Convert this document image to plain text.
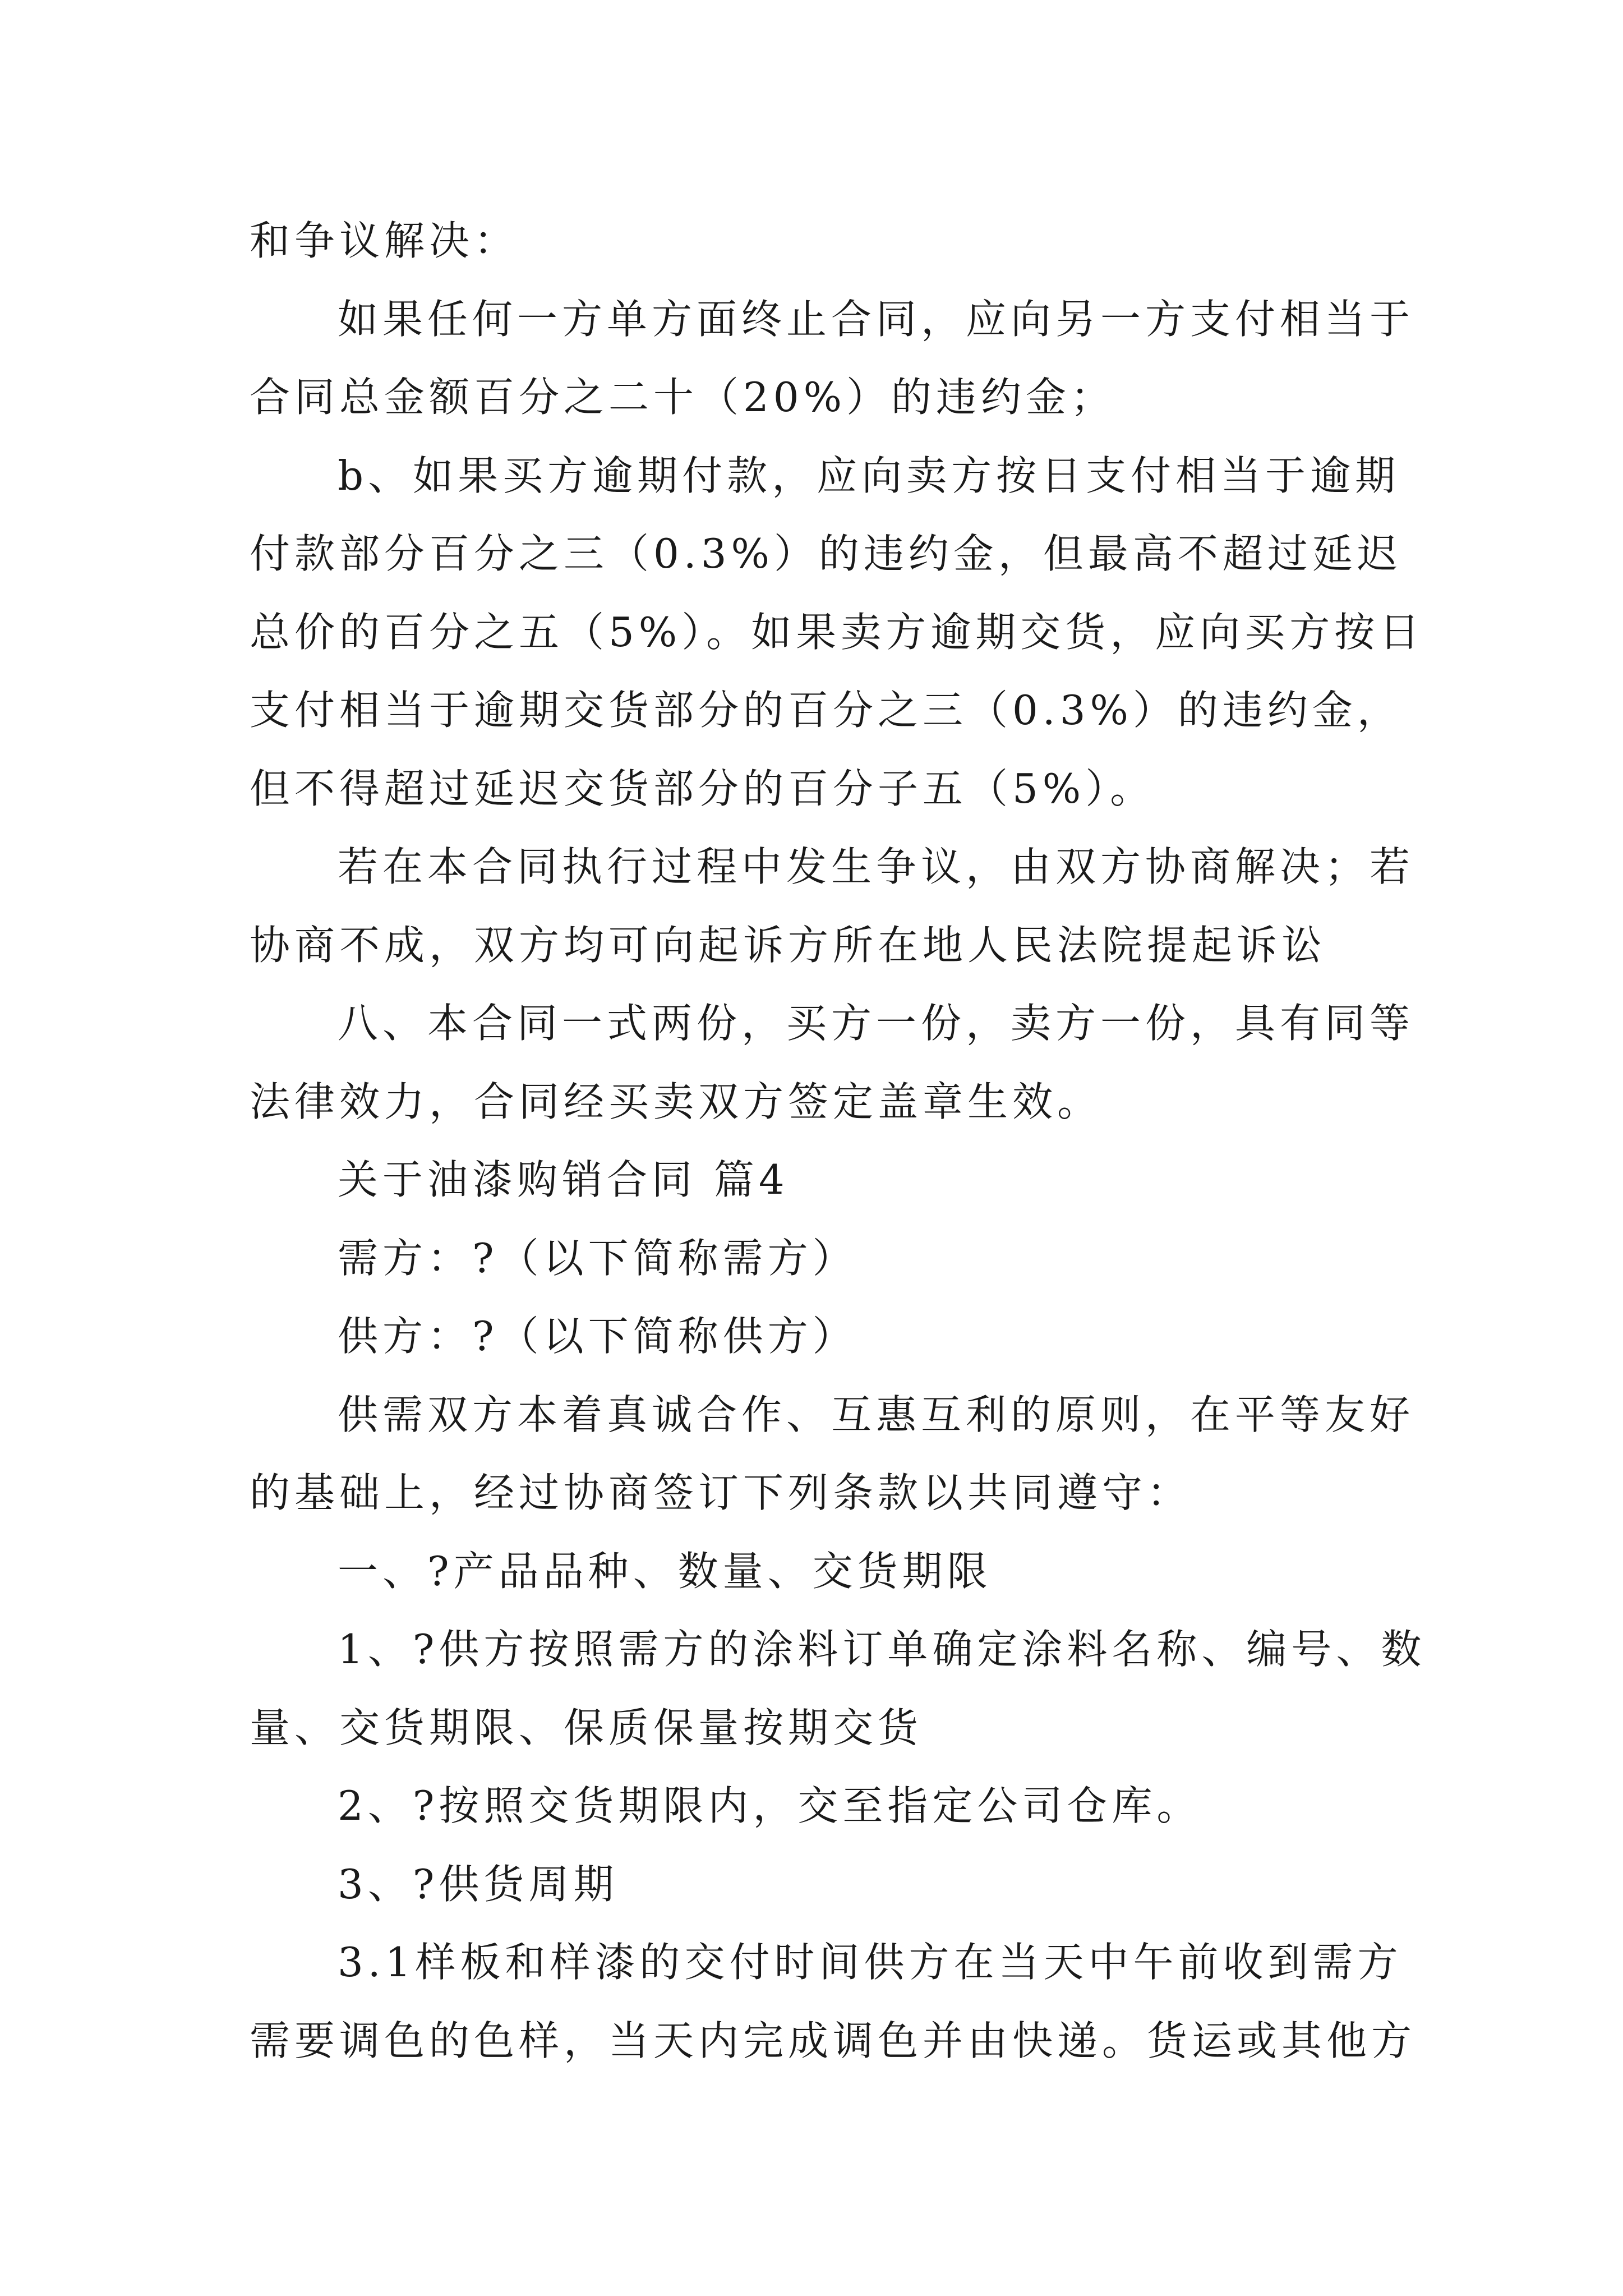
和争议解决：
如果任何一方单方面终止合同，应向另一方支付相当于
合同总金额百分之二十（20%）的违约金；
b、如果买方逾期付款，应向卖方按日支付相当于逾期
付款部分百分之三（0.3%）的违约金，但最高不超过延迟
总价的百分之五（5%）。如果卖方逾期交货，应向买方按日
支付相当于逾期交货部分的百分之三（0.3%）的违约金，
但不得超过延迟交货部分的百分子五（5%）。
若在本合同执行过程中发生争议，由双方协商解决；若
协商不成，双方均可向起诉方所在地人民法院提起诉讼
八、本合同一式两份，买方一份，卖方一份，具有同等
法律效力，合同经买卖双方签定盖章生效。
关于油漆购销合同 篇4
需方：?（以下简称需方）
供方：?（以下简称供方）
供需双方本着真诚合作、互惠互利的原则，在平等友好
的基础上，经过协商签订下列条款以共同遵守：
一、?产品品种、数量、交货期限
1、?供方按照需方的涂料订单确定涂料名称、编号、数
量、交货期限、保质保量按期交货
2、?按照交货期限内，交至指定公司仓库。
3、?供货周期
3.1样板和样漆的交付时间供方在当天中午前收到需方
需要调色的色样，当天内完成调色并由快递。货运或其他方
